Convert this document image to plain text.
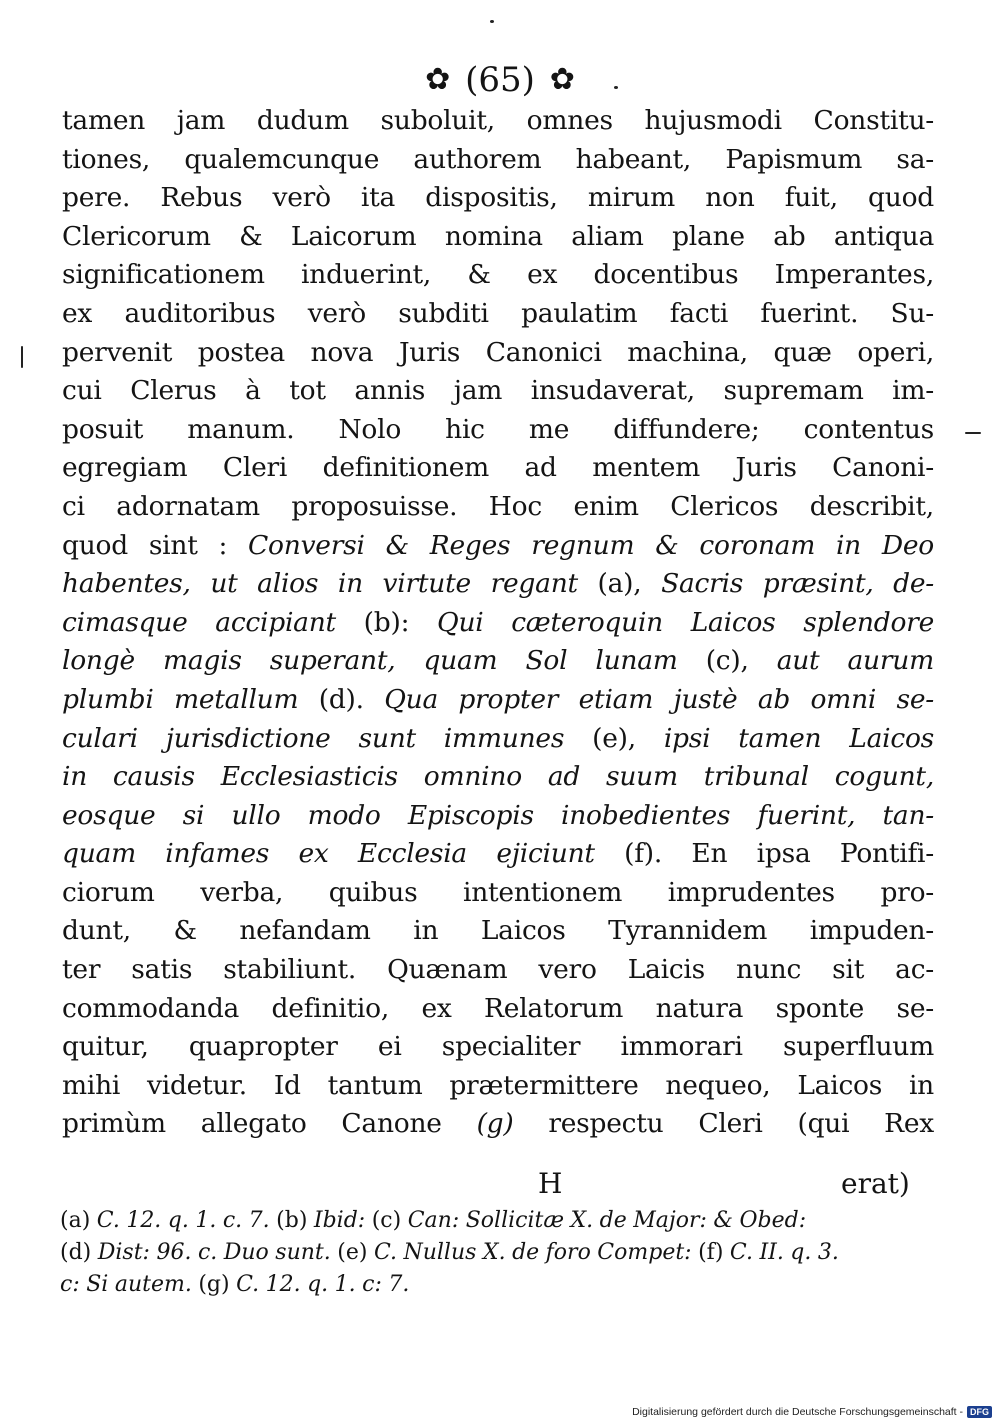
✿ (65) ✿
tamen jam dudum suboluit, omnes hujusmodi Constitu-
tiones, qualemcunque authorem habeant, Papismum sa-
pere. Rebus verò ita dispositis, mirum non fuit, quod
Clericorum & Laicorum nomina aliam plane ab antiqua
significationem induerint, & ex docentibus Imperantes,
ex auditoribus verò subditi paulatim facti fuerint. Su-
pervenit postea nova Juris Canonici machina, quæ operi,
cui Clerus à tot annis jam insudaverat, supremam im-
posuit manum. Nolo hic me diffundere; contentus
egregiam Cleri definitionem ad mentem Juris Canoni-
ci adornatam proposuisse. Hoc enim Clericos describit,
quod sint : Conversi & Reges regnum & coronam in Deo
habentes, ut alios in virtute regant (a), Sacris præsint, de-
cimasque accipiant (b): Qui cæteroquin Laicos splendore
longè magis superant, quam Sol lunam (c), aut aurum
plumbi metallum (d). Qua propter etiam justè ab omni se-
culari jurisdictione sunt immunes (e), ipsi tamen Laicos
in causis Ecclesiasticis omnino ad suum tribunal cogunt,
eosque si ullo modo Episcopis inobedientes fuerint, tan-
quam infames ex Ecclesia ejiciunt (f). En ipsa Pontifi-
ciorum verba, quibus intentionem imprudentes pro-
dunt, & nefandam in Laicos Tyrannidem impuden-
ter satis stabiliunt. Quænam vero Laicis nunc sit ac-
commodanda definitio, ex Relatorum natura sponte se-
quitur, quapropter ei specialiter immorari superfluum
mihi videtur. Id tantum prætermittere nequeo, Laicos in
primùm allegato Canone (g) respectu Cleri (qui Rex
H	erat)
(a) C. 12. q. 1. c. 7. (b) Ibid: (c) Can: Sollicitæ X. de Major: & Obed:
(d) Dist: 96. c. Duo sunt. (e) C. Nullus X. de foro Compet: (f) C. II. q. 3.
c: Si autem. (g) C. 12. q. 1. c: 7.
Digitalisierung gefördert durch die Deutsche Forschungsgemeinschaft - DFG
